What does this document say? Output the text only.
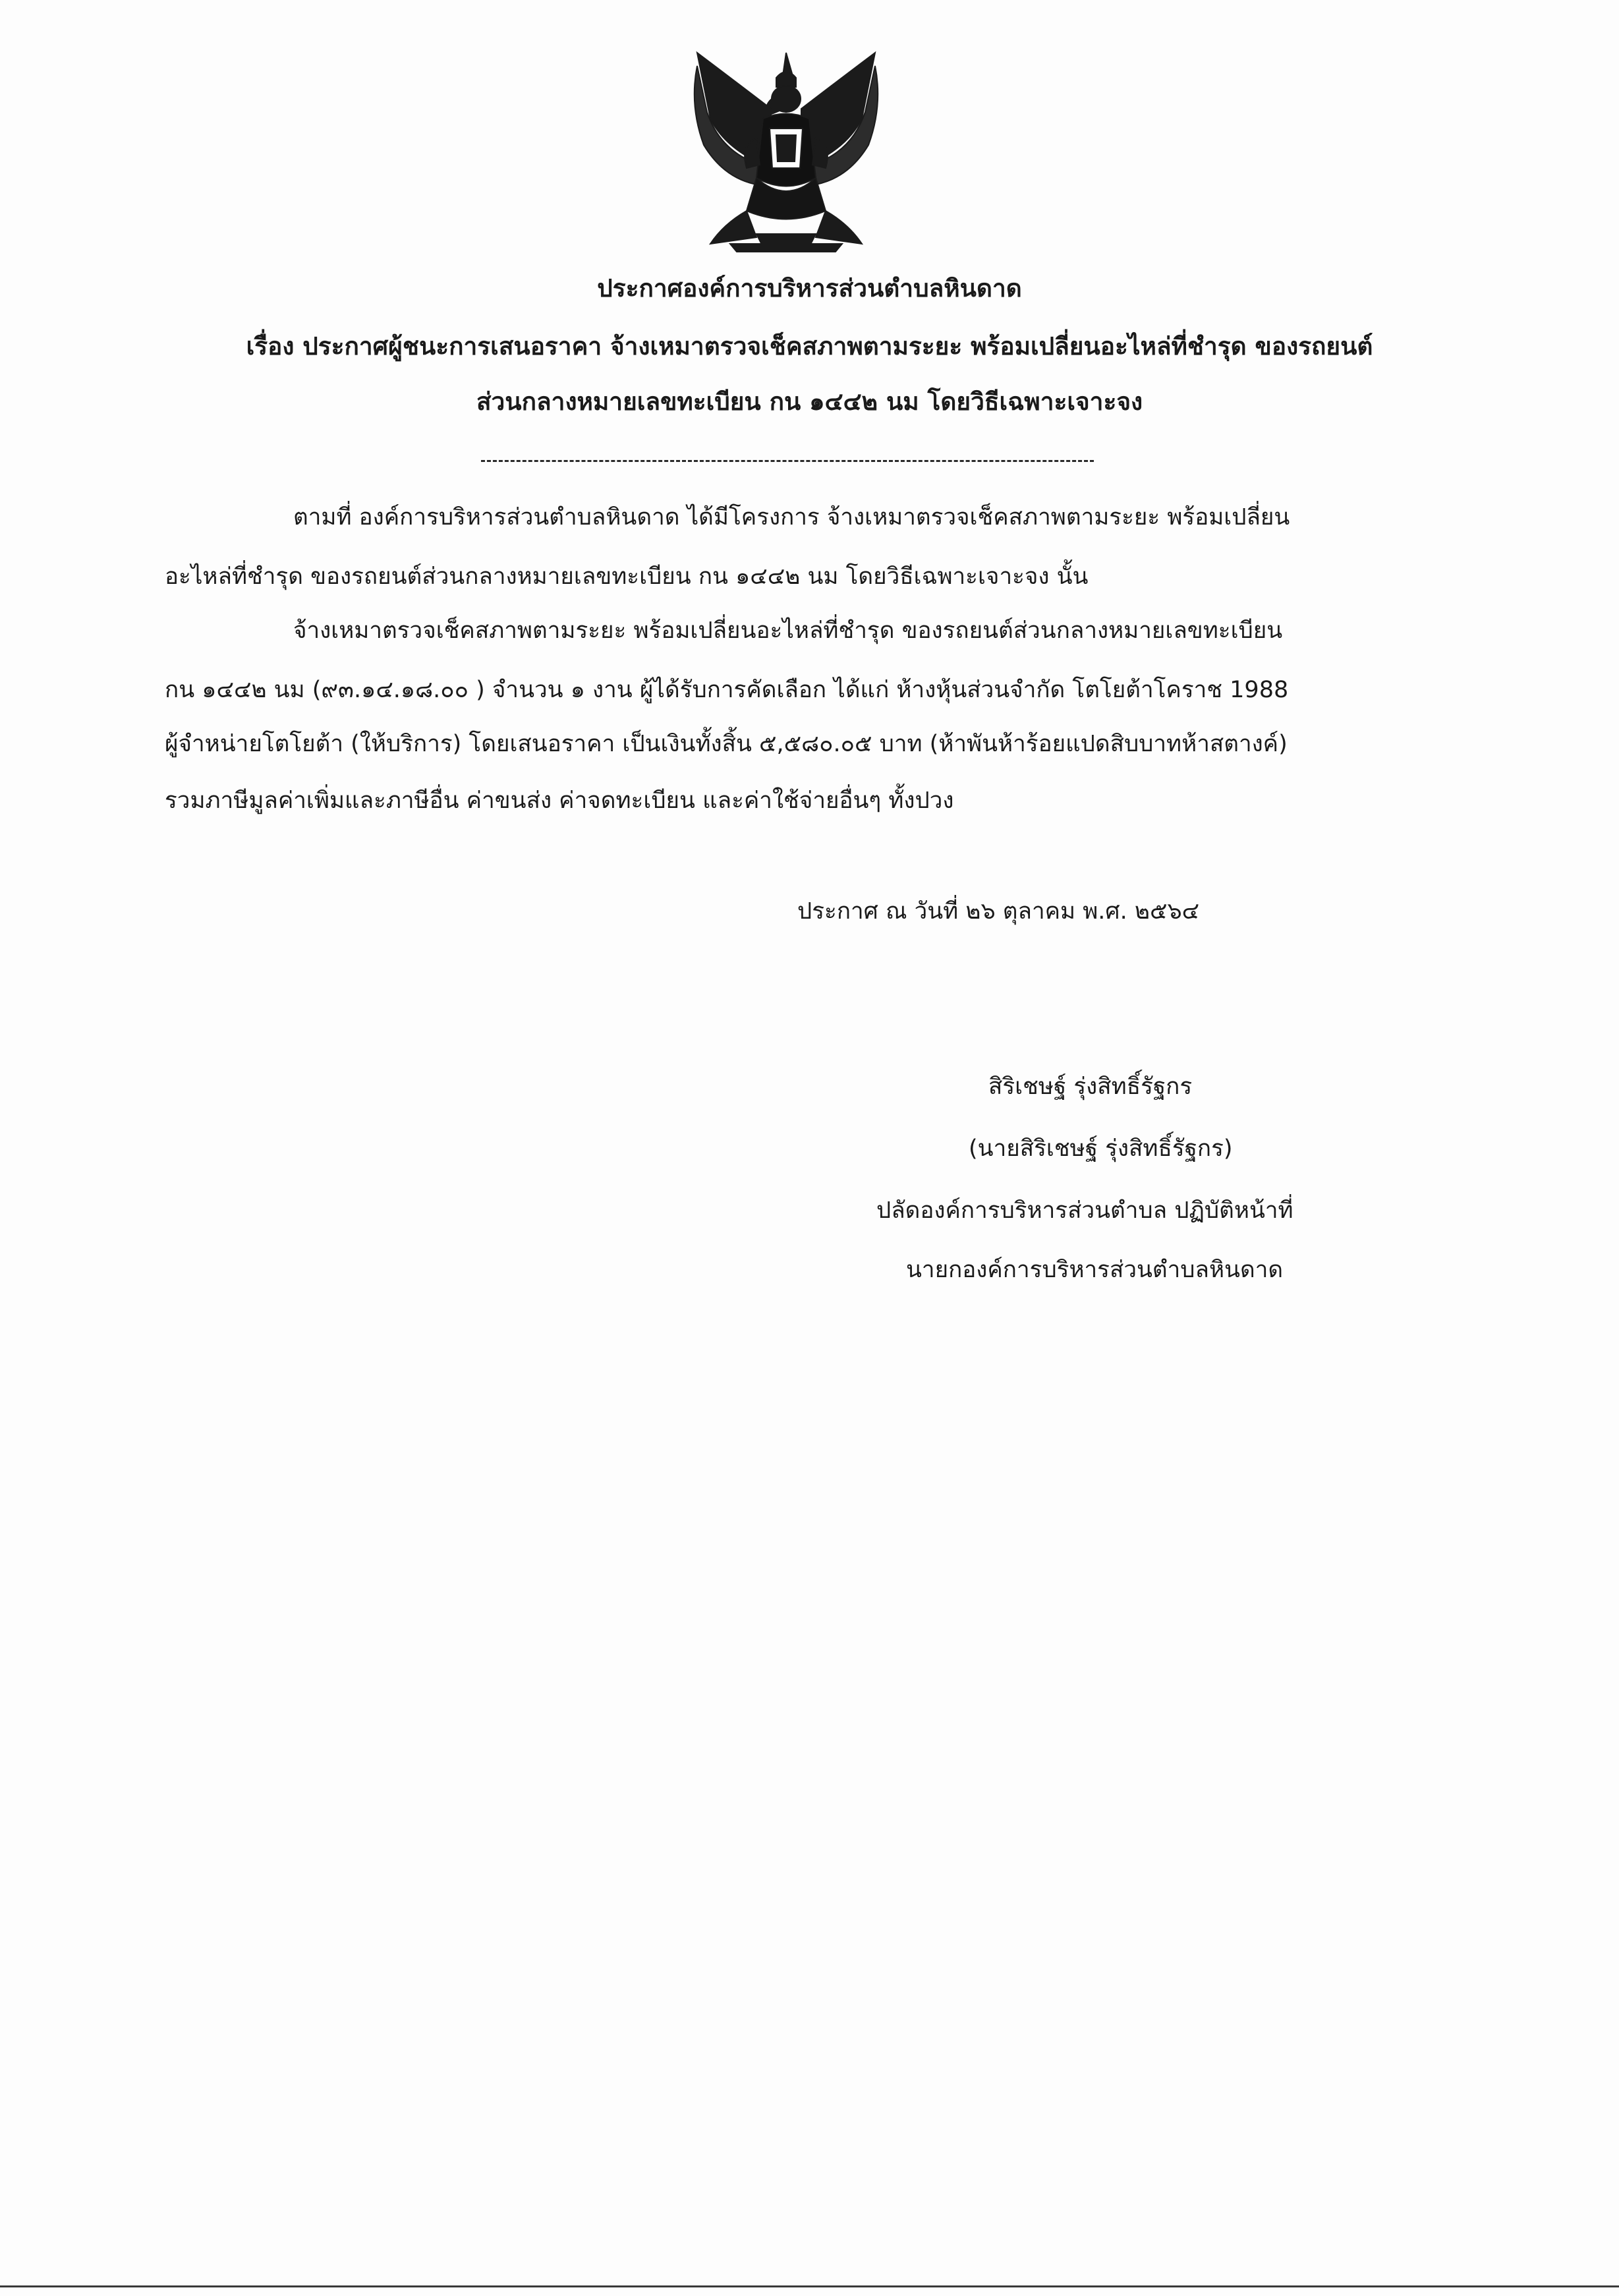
ประกาศองค์การบริหารส่วนตำบลหินดาด
เรื่อง ประกาศผู้ชนะการเสนอราคา จ้างเหมาตรวจเช็คสภาพตามระยะ พร้อมเปลี่ยนอะไหล่ที่ชำรุด ของรถยนต์
ส่วนกลางหมายเลขทะเบียน กน ๑๔๔๒ นม โดยวิธีเฉพาะเจาะจง
ตามที่ องค์การบริหารส่วนตำบลหินดาด ได้มีโครงการ จ้างเหมาตรวจเช็คสภาพตามระยะ พร้อมเปลี่ยน
อะไหล่ที่ชำรุด ของรถยนต์ส่วนกลางหมายเลขทะเบียน กน ๑๔๔๒ นม โดยวิธีเฉพาะเจาะจง นั้น
จ้างเหมาตรวจเช็คสภาพตามระยะ พร้อมเปลี่ยนอะไหล่ที่ชำรุด ของรถยนต์ส่วนกลางหมายเลขทะเบียน
กน ๑๔๔๒ นม (๙๓.๑๔.๑๘.๐๐ ) จำนวน ๑ งาน ผู้ได้รับการคัดเลือก ได้แก่ ห้างหุ้นส่วนจำกัด โตโยต้าโคราช 1988
ผู้จำหน่ายโตโยต้า (ให้บริการ) โดยเสนอราคา เป็นเงินทั้งสิ้น ๕,๕๘๐.๐๕ บาท (ห้าพันห้าร้อยแปดสิบบาทห้าสตางค์)
รวมภาษีมูลค่าเพิ่มและภาษีอื่น ค่าขนส่ง ค่าจดทะเบียน และค่าใช้จ่ายอื่นๆ ทั้งปวง
ประกาศ ณ วันที่ ๒๖ ตุลาคม พ.ศ. ๒๕๖๔
สิริเชษฐ์ รุ่งสิทธิ์รัฐกร
(นายสิริเชษฐ์ รุ่งสิทธิ์รัฐกร)
ปลัดองค์การบริหารส่วนตำบล ปฏิบัติหน้าที่
นายกองค์การบริหารส่วนตำบลหินดาด
